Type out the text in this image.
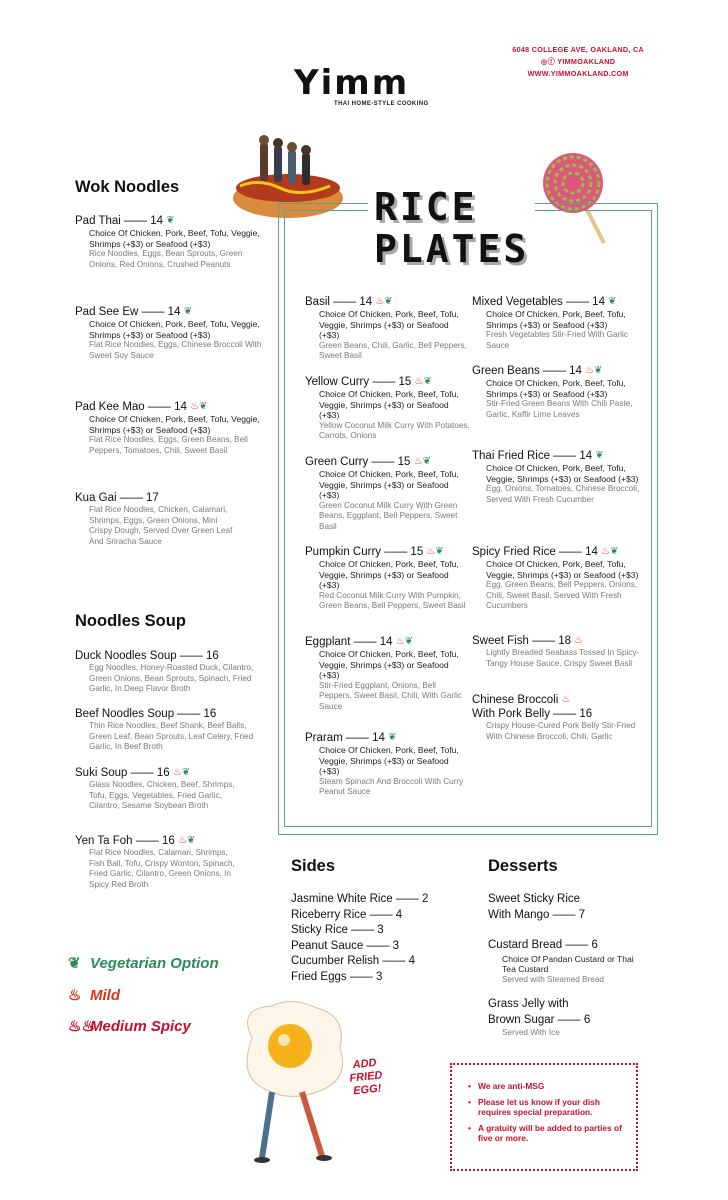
6048 COLLEGE AVE, OAKLAND, CA
◎ⓕ YIMMOAKLAND
WWW.YIMMOAKLAND.COM
Yimm
THAI HOME-STYLE COOKING
Wok Noodles
Pad Thai —— 14 ❦
Choice Of Chicken, Pork, Beef, Tofu, Veggie, Shrimps (+$3) or Seafood (+$3)
Rice Noodles, Eggs, Bean Sprouts, Green Onions, Red Onions, Crushed Peanuts
Pad See Ew —— 14 ❦
Choice Of Chicken, Pork, Beef, Tofu, Veggie, Shrimps (+$3) or Seafood (+$3)
Flat Rice Noodles, Eggs, Chinese Broccoli With Sweet Soy Sauce
Pad Kee Mao —— 14 ♨❦
Choice Of Chicken, Pork, Beef, Tofu, Veggie, Shrimps (+$3) or Seafood (+$3)
Flat Rice Noodles, Eggs, Green Beans, Bell Peppers, Tomatoes, Chili, Sweet Basil
Kua Gai —— 17
Flat Rice Noodles, Chicken, Calamari, Shrimps, Eggs, Green Onions, Mini Crispy Dough, Served Over Green Leaf And Sriracha Sauce
Noodles Soup
Duck Noodles Soup —— 16
Egg Noodles, Honey-Roasted Duck, Cilantro, Green Onions, Bean Sprouts, Spinach, Fried Garlic, In Deep Flavor Broth
Beef Noodles Soup —— 16
Thin Rice Noodles, Beef Shank, Beef Balls, Green Leaf, Bean Sprouts, Leaf Celery, Fried Garlic, In Beef Broth
Suki Soup —— 16 ♨❦
Glass Noodles, Chicken, Beef, Shrimps, Tofu, Eggs, Vegetables, Fried Garlic, Cilantro, Sesame Soybean Broth
Yen Ta Foh —— 16 ♨❦
Flat Rice Noodles, Calamari, Shrimps, Fish Ball, Tofu, Crispy Wonton, Spinach, Fried Garlic, Cilantro, Green Onions, In Spicy Red Broth
RICE
PLATES
Basil —— 14 ♨❦
Choice Of Chicken, Pork, Beef, Tofu, Veggie, Shrimps (+$3) or Seafood (+$3)
Green Beans, Chili, Garlic, Bell Peppers, Sweet Basil
Yellow Curry —— 15 ♨❦
Choice Of Chicken, Pork, Beef, Tofu, Veggie, Shrimps (+$3) or Seafood (+$3)
Yellow Coconut Milk Curry With Potatoes, Carrots, Onions
Green Curry —— 15 ♨❦
Choice Of Chicken, Pork, Beef, Tofu, Veggie, Shrimps (+$3) or Seafood (+$3)
Green Coconut Milk Curry With Green Beans, Eggplant, Bell Peppers, Sweet Basil
Pumpkin Curry —— 15 ♨❦
Choice Of Chicken, Pork, Beef, Tofu, Veggie, Shrimps (+$3) or Seafood (+$3)
Red Coconut Milk Curry With Pumpkin, Green Beans, Bell Peppers, Sweet Basil
Eggplant —— 14 ♨❦
Choice Of Chicken, Pork, Beef, Tofu, Veggie, Shrimps (+$3) or Seafood (+$3)
Stir-Fried Eggplant, Onions, Bell Peppers, Sweet Basil, Chili, With Garlic Sauce
Praram —— 14 ❦
Choice Of Chicken, Pork, Beef, Tofu, Veggie, Shrimps (+$3) or Seafood (+$3)
Steam Spinach And Broccoli With Curry Peanut Sauce
Mixed Vegetables —— 14 ❦
Choice Of Chicken, Pork, Beef, Tofu, Shrimps (+$3) or Seafood (+$3)
Fresh Vegetables Stir-Fried With Garlic Sauce
Green Beans —— 14 ♨❦
Choice Of Chicken, Pork, Beef, Tofu, Shrimps (+$3) or Seafood (+$3)
Stir-Fried Green Beans With Chili Paste, Garlic, Kaffir Lime Leaves
Thai Fried Rice —— 14 ❦
Choice Of Chicken, Pork, Beef, Tofu, Veggie, Shrimps (+$3) or Seafood (+$3)
Egg, Onions, Tomatoes, Chinese Broccoli, Served With Fresh Cucumber
Spicy Fried Rice —— 14 ♨❦
Choice Of Chicken, Pork, Beef, Tofu, Veggie, Shrimps (+$3) or Seafood (+$3)
Egg, Green Beans, Bell Peppers, Onions, Chili, Sweet Basil, Served With Fresh Cucumbers
Sweet Fish —— 18 ♨
Lightly Breaded Seabass Tossed In Spicy-Tangy House Sauce, Crispy Sweet Basil
Chinese Broccoli ♨
With Pork Belly —— 16
Crispy House-Cured Pork Belly Stir-Fried With Chinese Broccoli, Chili, Garlic
Sides
Jasmine White Rice —— 2
Riceberry Rice —— 4
Sticky Rice —— 3
Peanut Sauce —— 3
Cucumber Relish —— 4
Fried Eggs —— 3
Desserts
Sweet Sticky Rice
With Mango —— 7
Custard Bread —— 6
Choice Of Pandan Custard or Thai Tea Custard
Served with Steamed Bread
Grass Jelly with
Brown Sugar —— 6
Served With Ice
❦ Vegetarian Option
♨ Mild
♨♨Medium Spicy
ADD FRIED EGG!
•	We are anti-MSG
• Please let us know if your dish requires special preparation.
• A gratuity will be added to parties of five or more.
